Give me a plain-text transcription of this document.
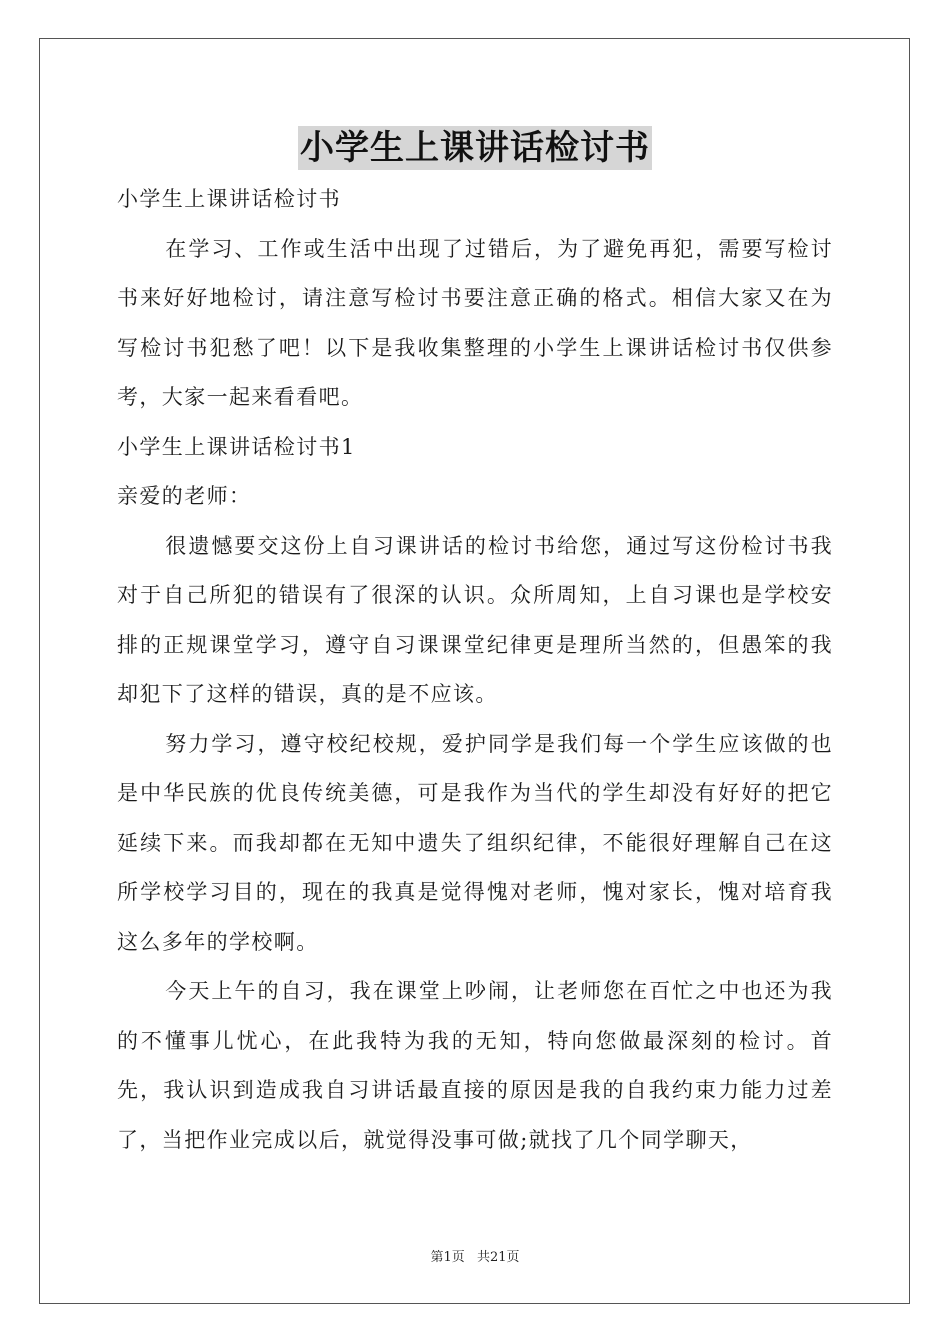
小学生上课讲话检讨书

小学生上课讲话检讨书

在学习、工作或生活中出现了过错后，为了避免再犯，需要写检讨书来好好地检讨，请注意写检讨书要注意正确的格式。相信大家又在为写检讨书犯愁了吧！以下是我收集整理的小学生上课讲话检讨书仅供参考，大家一起来看看吧。

小学生上课讲话检讨书1

亲爱的老师：

很遗憾要交这份上自习课讲话的检讨书给您，通过写这份检讨书我对于自己所犯的错误有了很深的认识。众所周知，上自习课也是学校安排的正规课堂学习，遵守自习课课堂纪律更是理所当然的，但愚笨的我却犯下了这样的错误，真的是不应该。

努力学习，遵守校纪校规，爱护同学是我们每一个学生应该做的也是中华民族的优良传统美德，可是我作为当代的学生却没有好好的把它延续下来。而我却都在无知中遗失了组织纪律，不能很好理解自己在这所学校学习目的，现在的我真是觉得愧对老师，愧对家长，愧对培育我这么多年的学校啊。

今天上午的自习，我在课堂上吵闹，让老师您在百忙之中也还为我的不懂事儿忧心，在此我特为我的无知，特向您做最深刻的检讨。首先，我认识到造成我自习讲话最直接的原因是我的自我约束力能力过差了，当把作业完成以后，就觉得没事可做;就找了几个同学聊天，

第1页 共21页
